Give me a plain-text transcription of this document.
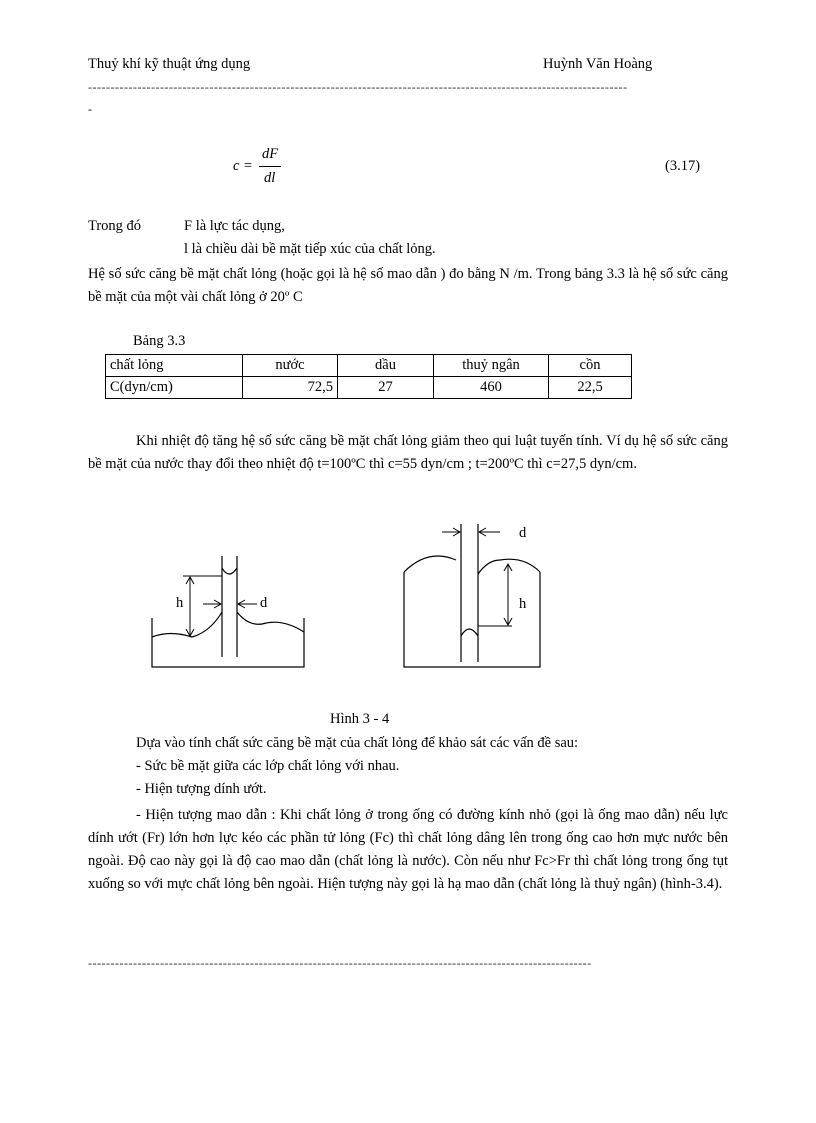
Thuỷ khí kỹ thuật ứng dụng	Huỳnh Văn Hoàng
------------------------------------------------------------------------------------------------------------------------
-
c =
dF
dl
(3.17)
Trong đó	F là lực tác dụng,
l là chiều dài bề mặt tiếp xúc của chất lỏng.
Hệ số sức căng bề mặt chất lỏng (hoặc gọi là hệ số mao dẫn ) đo bằng N /m. Trong bảng 3.3 là hệ số sức căng bề mặt của một vài chất lỏng ở 20º C
Bảng 3.3
chất lỏng	nước	dầu	thuỷ ngân	cồn
C(dyn/cm)	72,5	27	460	22,5
Khi nhiệt độ tăng hệ số sức căng bề mặt chất lỏng giảm theo qui luật tuyến tính. Ví dụ hệ số sức căng bề mặt của nước thay đổi theo nhiệt độ t=100ºC thì c=55 dyn/cm ; t=200ºC thì c=27,5 dyn/cm.
h	d
d
h
Hình 3 - 4
Dựa vào tính chất sức căng bề mặt của chất lỏng để khảo sát các vấn đề sau:
- Sức bề mặt giữa các lớp chất lỏng với nhau.
- Hiện tượng dính ướt.
- Hiện tượng mao dẫn : Khi chất lỏng ở trong ống có đường kính nhỏ (gọi là ống mao dẫn) nếu lực dính ướt (Fr) lớn hơn lực kéo các phần tử lỏng (Fc) thì chất lỏng dâng lên trong ống cao hơn mực nước bên ngoài. Độ cao này gọi là độ cao mao dẫn (chất lỏng là nước). Còn nếu như Fc>Fr thì chất lỏng trong ống tụt xuống so với mực chất lỏng bên ngoài. Hiện tượng này gọi là hạ mao dẫn (chất lỏng là thuỷ ngân) (hình-3.4).
----------------------------------------------------------------------------------------------------------------
